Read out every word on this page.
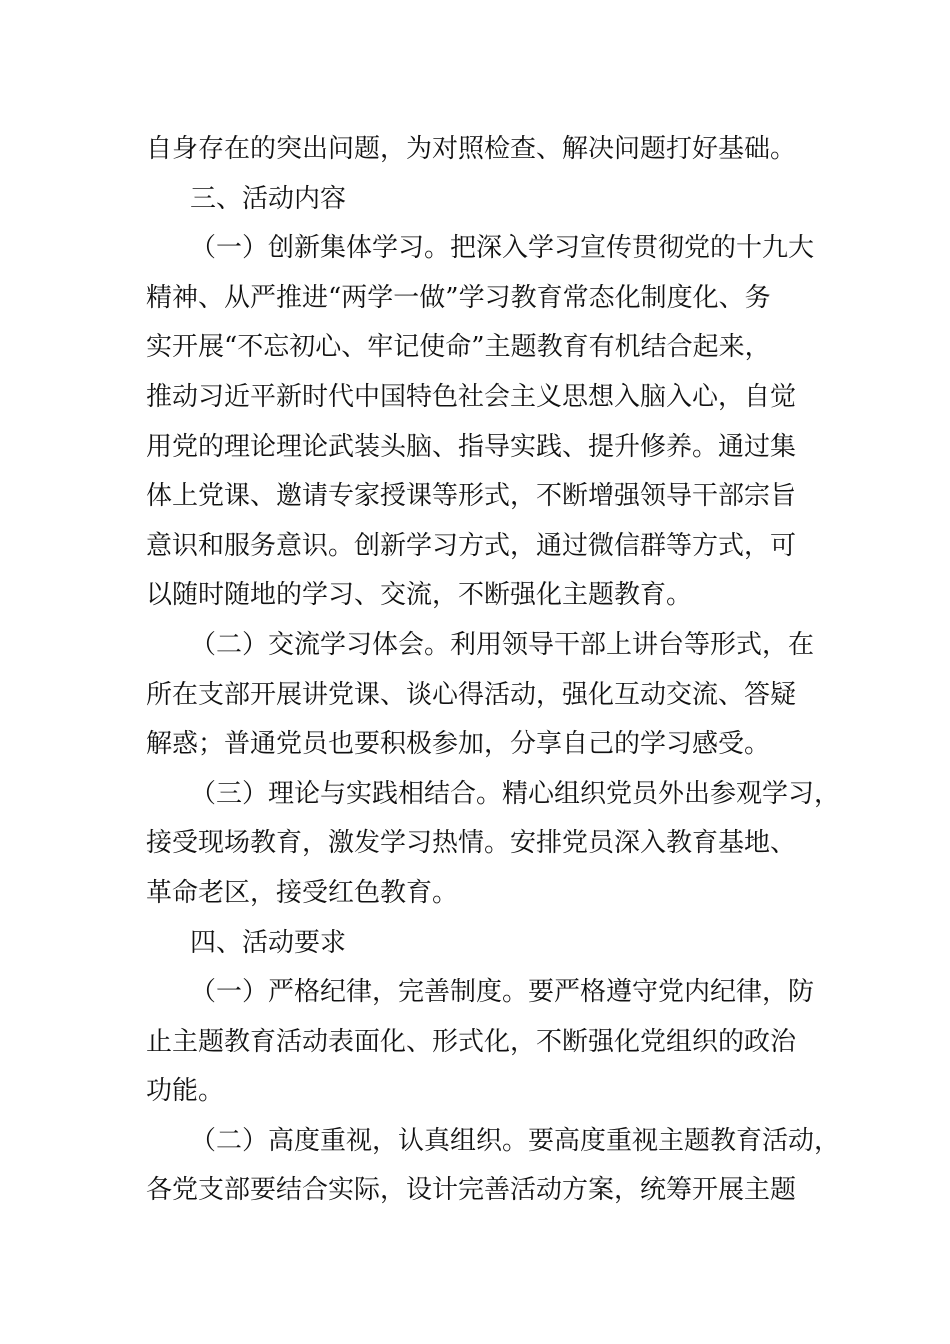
自身存在的突出问题，为对照检查、解决问题打好基础。
三、活动内容
（一）创新集体学习。把深入学习宣传贯彻党的十九大
精神、从严推进“两学一做”学习教育常态化制度化、务
实开展“不忘初心、牢记使命”主题教育有机结合起来，
推动习近平新时代中国特色社会主义思想入脑入心，自觉
用党的理论理论武装头脑、指导实践、提升修养。通过集
体上党课、邀请专家授课等形式，不断增强领导干部宗旨
意识和服务意识。创新学习方式，通过微信群等方式，可
以随时随地的学习、交流，不断强化主题教育。
（二）交流学习体会。利用领导干部上讲台等形式，在
所在支部开展讲党课、谈心得活动，强化互动交流、答疑
解惑；普通党员也要积极参加，分享自己的学习感受。
（三）理论与实践相结合。精心组织党员外出参观学习，
接受现场教育，激发学习热情。安排党员深入教育基地、
革命老区，接受红色教育。
四、活动要求
（一）严格纪律，完善制度。要严格遵守党内纪律，防
止主题教育活动表面化、形式化，不断强化党组织的政治
功能。
（二）高度重视，认真组织。要高度重视主题教育活动，
各党支部要结合实际，设计完善活动方案，统筹开展主题
